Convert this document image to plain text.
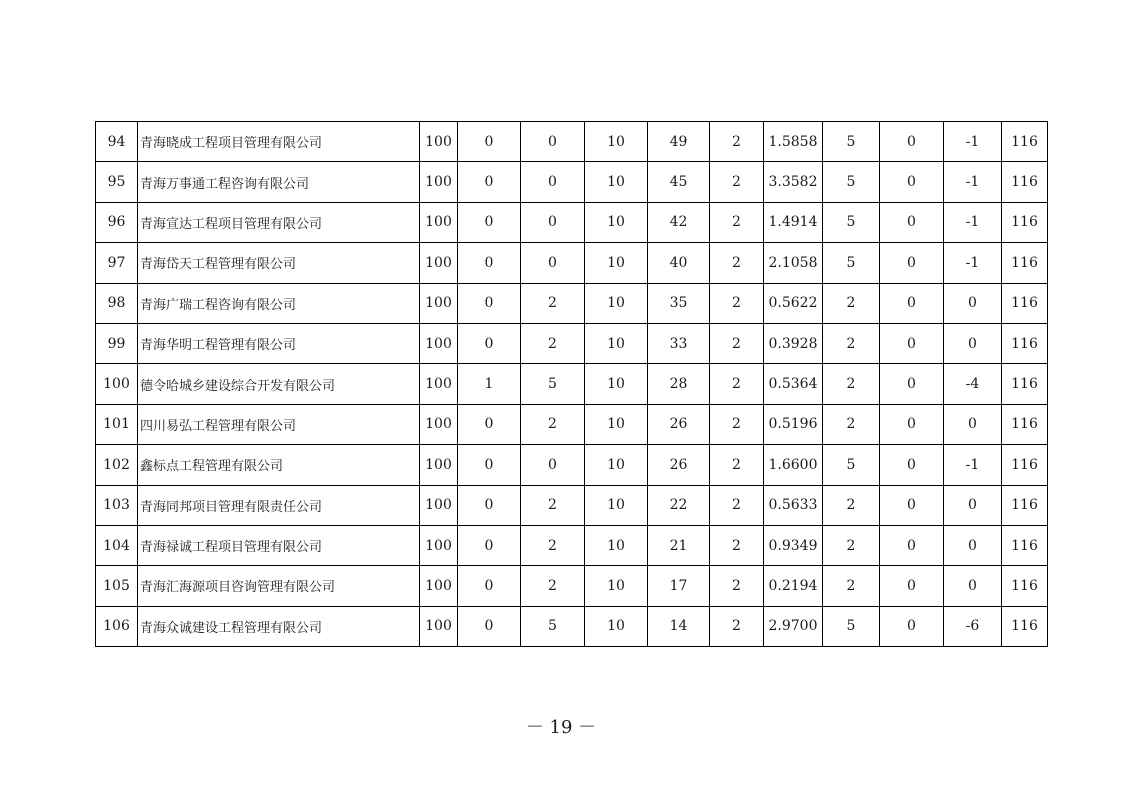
94	青海晓成工程项目管理有限公司	100	0	0	10	49	2	1.5858	5	0	-1	116
95	青海万事通工程咨询有限公司	100	0	0	10	45	2	3.3582	5	0	-1	116
96	青海宣达工程项目管理有限公司	100	0	0	10	42	2	1.4914	5	0	-1	116
97	青海岱天工程管理有限公司	100	0	0	10	40	2	2.1058	5	0	-1	116
98	青海广瑞工程咨询有限公司	100	0	2	10	35	2	0.5622	2	0	0	116
99	青海华明工程管理有限公司	100	0	2	10	33	2	0.3928	2	0	0	116
100	德令哈城乡建设综合开发有限公司	100	1	5	10	28	2	0.5364	2	0	-4	116
101	四川易弘工程管理有限公司	100	0	2	10	26	2	0.5196	2	0	0	116
102	鑫标点工程管理有限公司	100	0	0	10	26	2	1.6600	5	0	-1	116
103	青海同邦项目管理有限责任公司	100	0	2	10	22	2	0.5633	2	0	0	116
104	青海禄诚工程项目管理有限公司	100	0	2	10	21	2	0.9349	2	0	0	116
105	青海汇海源项目咨询管理有限公司	100	0	2	10	17	2	0.2194	2	0	0	116
106	青海众诚建设工程管理有限公司	100	0	5	10	14	2	2.9700	5	0	-6	116
－ 19 －
